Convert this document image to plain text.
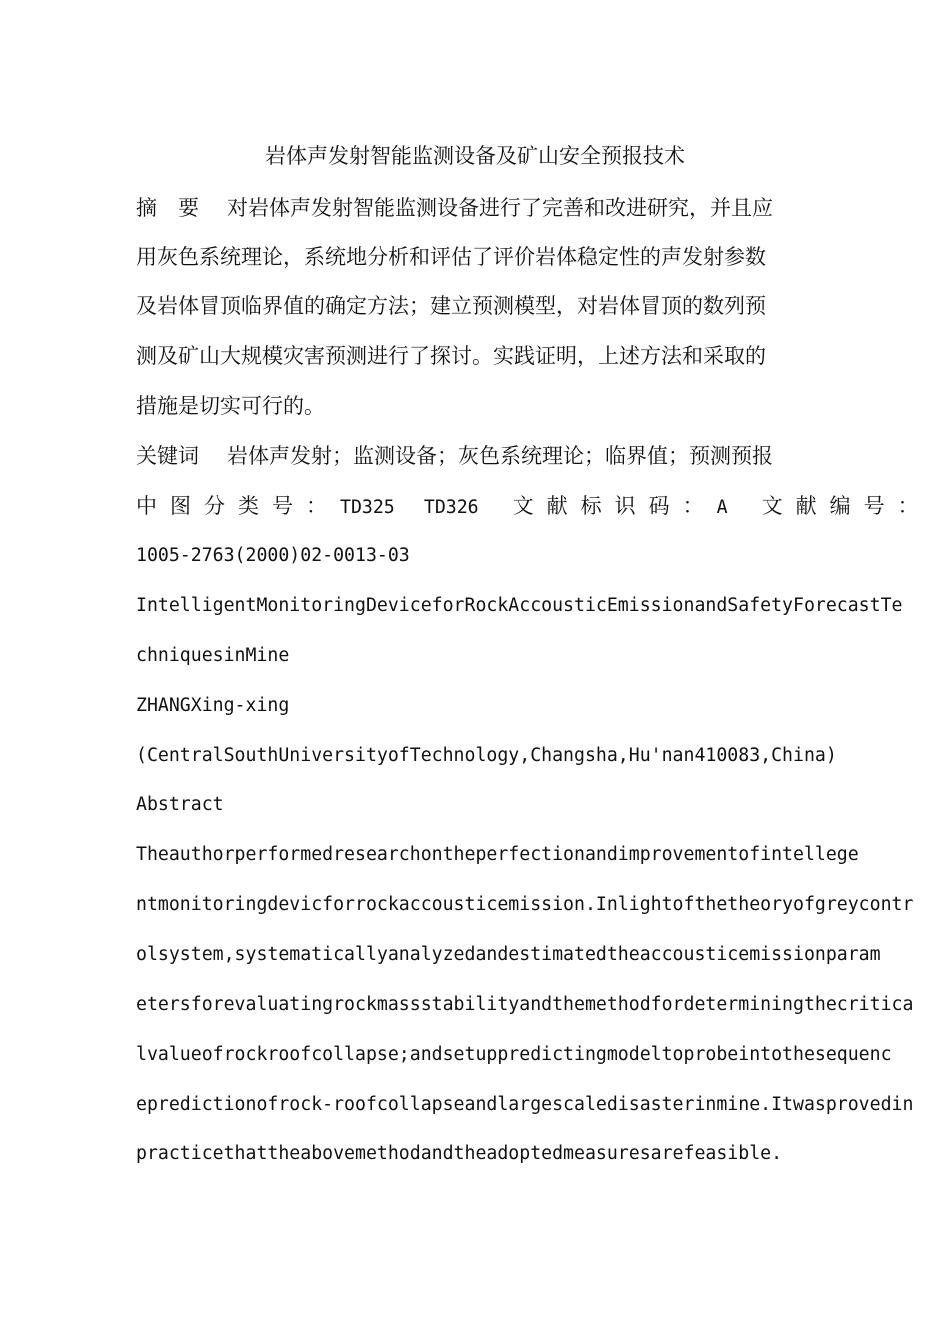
岩体声发射智能监测设备及矿山安全预报技术
摘　要 对岩体声发射智能监测设备进行了完善和改进研究，并且应
用灰色系统理论，系统地分析和评估了评价岩体稳定性的声发射参数
及岩体冒顶临界值的确定方法；建立预测模型，对岩体冒顶的数列预
测及矿山大规模灾害预测进行了探讨。实践证明，上述方法和采取的
措施是切实可行的。
关键词 岩体声发射；监测设备；灰色系统理论；临界值；预测预报
中图分类号：TD325　 TD326 文献标识码：A 文献编号：
1005-2763(2000)02-0013-03
IntelligentMonitoringDeviceforRockAccousticEmissionandSafetyForecastTe
chniquesinMine
ZHANGXing-xing
(CentralSouthUniversityofTechnology,Changsha,Hu'nan410083,China)
Abstract
Theauthorperformedresearchontheperfectionandimprovementofintellege
ntmonitoringdevicforrockaccousticemission.Inlightofthetheoryofgreycontr
olsystem,systematicallyanalyzedandestimatedtheaccousticemissionparam
etersforevaluatingrockmassstabilityandthemethodfordeterminingthecritica
lvalueofrockroofcollapse;andsetuppredictingmodeltoprobeintothesequenc
epredictionofrock-roofcollapseandlargescaledisasterinmine.Itwasprovedin
practicethattheabovemethodandtheadoptedmeasuresarefeasible.
